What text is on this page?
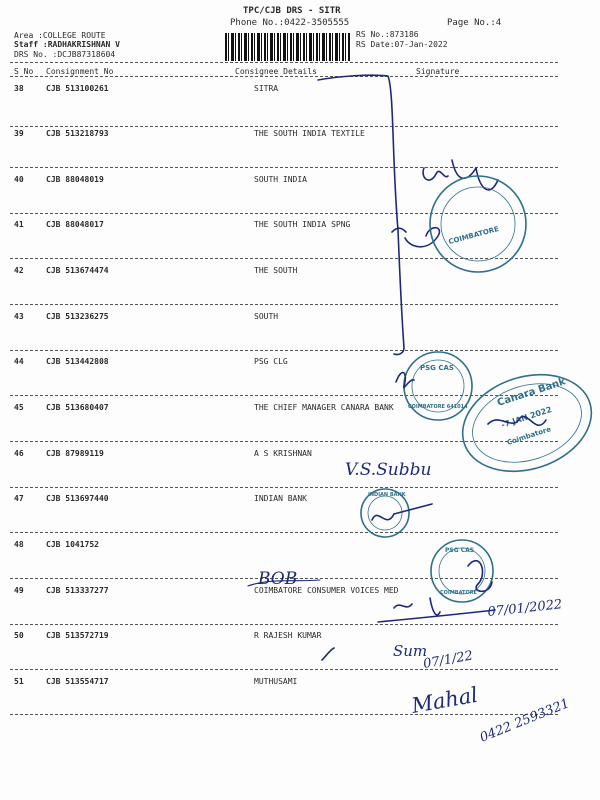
TPC/CJB DRS - SITR
Phone No.:0422-3505555	Page No.:4
Area :COLLEGE ROUTE
Staff :RADHAKRISHNAN V
DRS No. :DCJB87318604
RS No.:873186
RS Date:07-Jan-2022
S No Consignment No	Consignee Details	Signature
38	CJB 513100261	SITRA
39	CJB 513218793	THE SOUTH INDIA TEXTILE
40	CJB 88048019	SOUTH INDIA
41	CJB 88048017	THE SOUTH INDIA SPNG
42	CJB 513674474	THE SOUTH
43	CJB 513236275	SOUTH
44	CJB 513442808	PSG CLG
45	CJB 513680407	THE CHIEF MANAGER CANARA BANK
46	CJB 87989119	A S KRISHNAN
47	CJB 513697440	INDIAN BANK
48	CJB 1041752
49	CJB 513337277	COIMBATORE CONSUMER VOICES MED
50	CJB 513572719	R RAJESH KUMAR
51	CJB 513554717	MUTHUSAMI
COIMBATORE
PSG CAS
COIMBATORE 641014	Canara Bank
-7 JAN 2022
Coimbatore
V.S.Subbu
INDIAN BANK
PSG CAS
COIMBATORE
BOB
07/01/2022
Sum
07/1/22
Mahal
0422 2593321
